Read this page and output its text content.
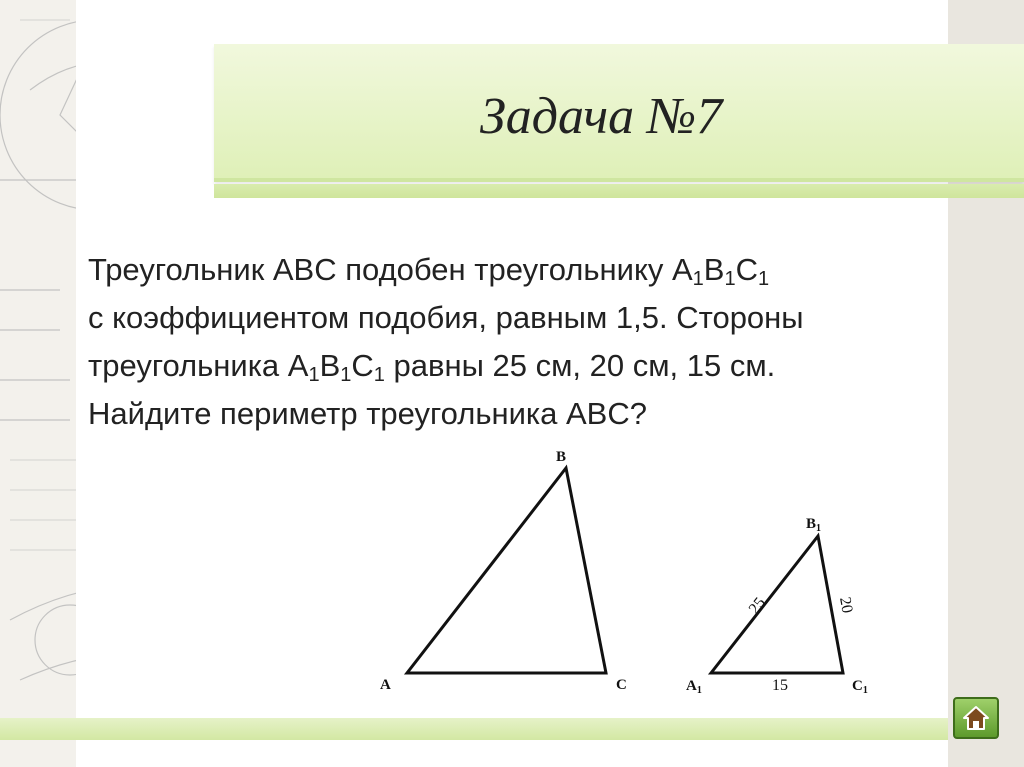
Задача №7
Треугольник ABC подобен треугольнику $A_1B_1C_1$
с коэффициентом подобия, равным 1,5. Стороны
треугольника $A_1B_1C_1$ равны 25 см, 20 см, 15 см.
Найдите периметр треугольника ABC?
A
B
C	$A_1$
$B_1$
$C_1$
25	20
15
